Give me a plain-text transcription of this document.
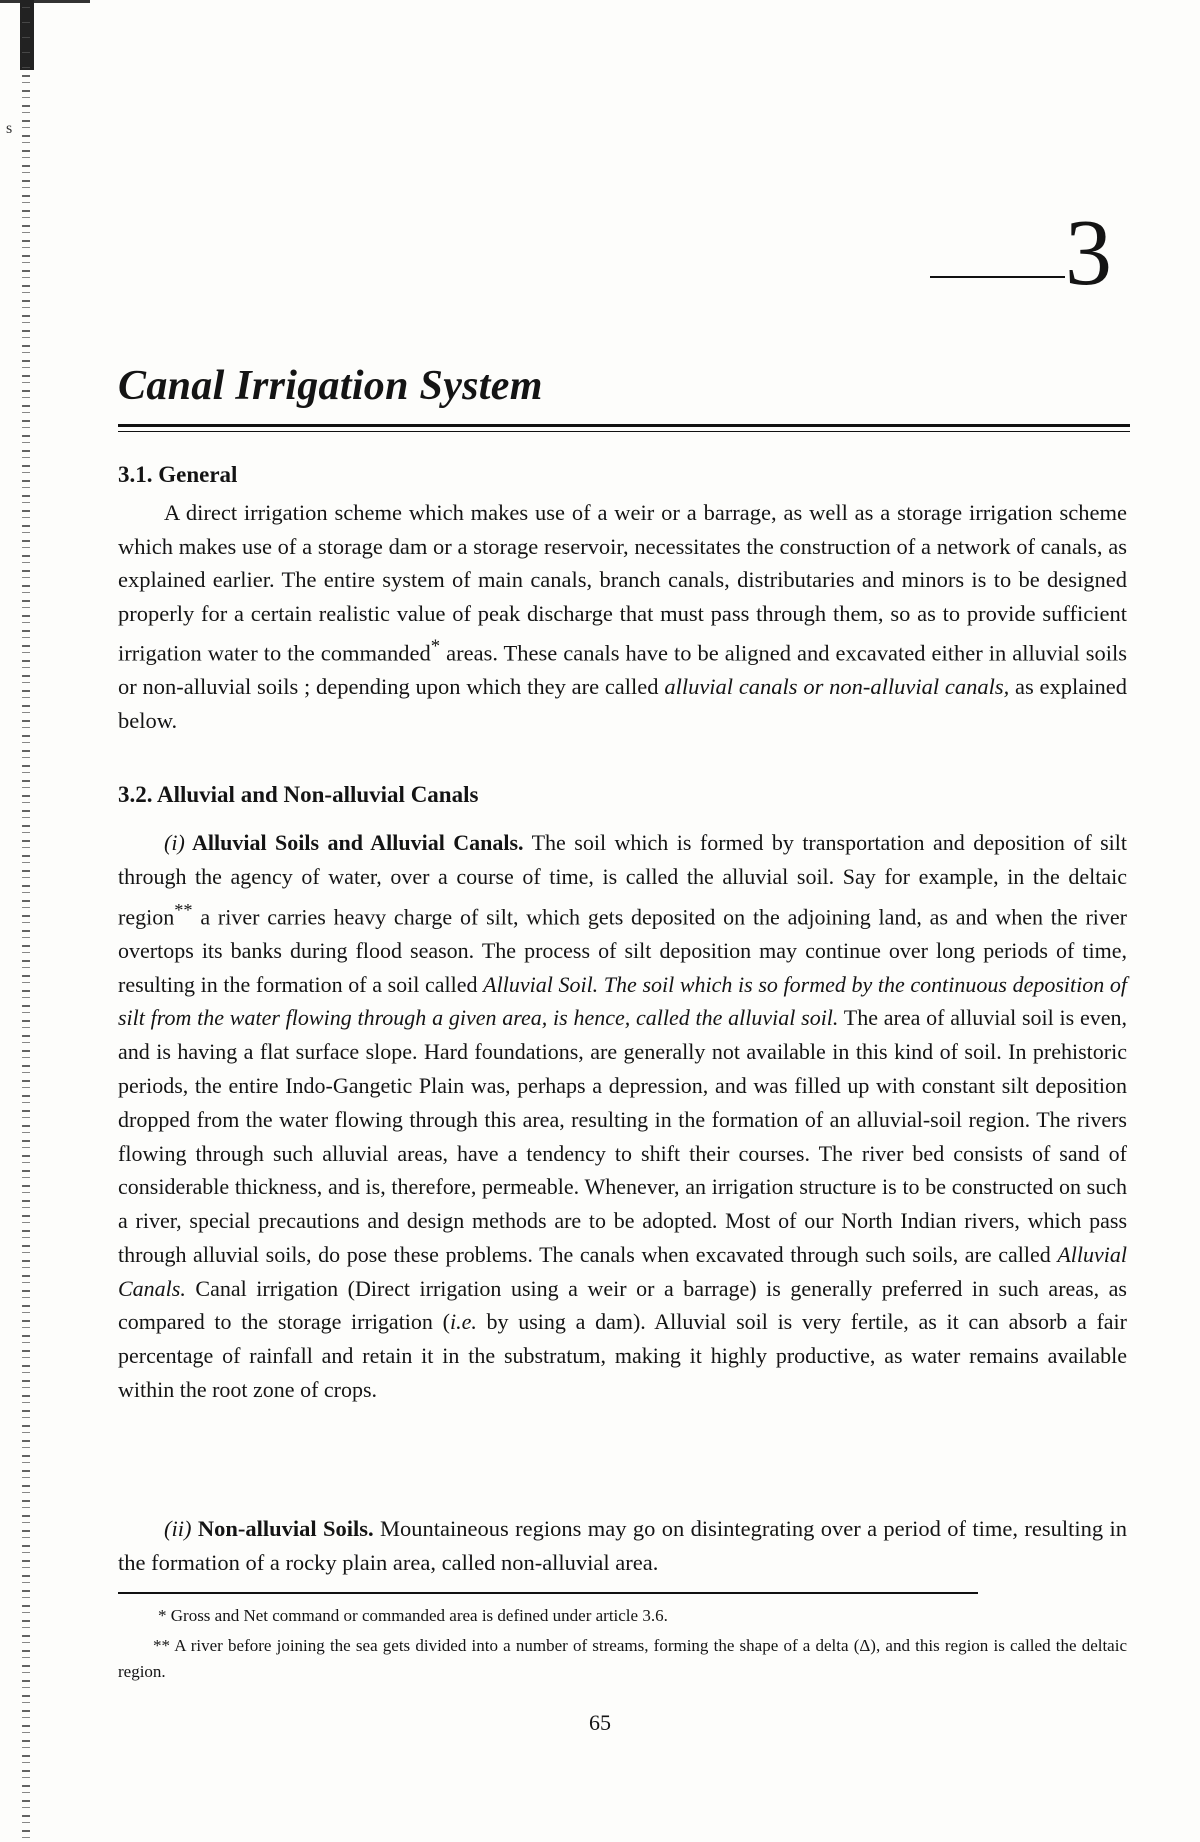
s
3
Canal Irrigation System
3.1. General

A direct irrigation scheme which makes use of a weir or a barrage, as well as a storage irrigation scheme which makes use of a storage dam or a storage reservoir, necessitates the construction of a network of canals, as explained earlier. The entire system of main canals, branch canals, distributaries and minors is to be designed properly for a certain realistic value of peak discharge that must pass through them, so as to provide sufficient irrigation water to the commanded* areas. These canals have to be aligned and excavated either in alluvial soils or non-alluvial soils ; depending upon which they are called alluvial canals or non-alluvial canals, as explained below.

3.2. Alluvial and Non-alluvial Canals

(i) Alluvial Soils and Alluvial Canals. The soil which is formed by transportation and deposition of silt through the agency of water, over a course of time, is called the alluvial soil. Say for example, in the deltaic region** a river carries heavy charge of silt, which gets deposited on the adjoining land, as and when the river overtops its banks during flood season. The process of silt deposition may continue over long periods of time, resulting in the formation of a soil called Alluvial Soil. The soil which is so formed by the continuous deposition of silt from the water flowing through a given area, is hence, called the alluvial soil. The area of alluvial soil is even, and is having a flat surface slope. Hard foundations, are generally not available in this kind of soil. In prehistoric periods, the entire Indo-Gangetic Plain was, perhaps a depression, and was filled up with constant silt deposition dropped from the water flowing through this area, resulting in the formation of an alluvial-soil region. The rivers flowing through such alluvial areas, have a tendency to shift their courses. The river bed consists of sand of considerable thickness, and is, therefore, permeable. Whenever, an irrigation structure is to be constructed on such a river, special precautions and design methods are to be adopted. Most of our North Indian rivers, which pass through alluvial soils, do pose these problems. The canals when excavated through such soils, are called Alluvial Canals. Canal irrigation (Direct irrigation using a weir or a barrage) is generally preferred in such areas, as compared to the storage irrigation (i.e. by using a dam). Alluvial soil is very fertile, as it can absorb a fair percentage of rainfall and retain it in the substratum, making it highly productive, as water remains available within the root zone of crops.

(ii) Non-alluvial Soils. Mountaineous regions may go on disintegrating over a period of time, resulting in the formation of a rocky plain area, called non-alluvial area.

* Gross and Net command or commanded area is defined under article 3.6.

** A river before joining the sea gets divided into a number of streams, forming the shape of a delta (Δ), and this region is called the deltaic region.

65
